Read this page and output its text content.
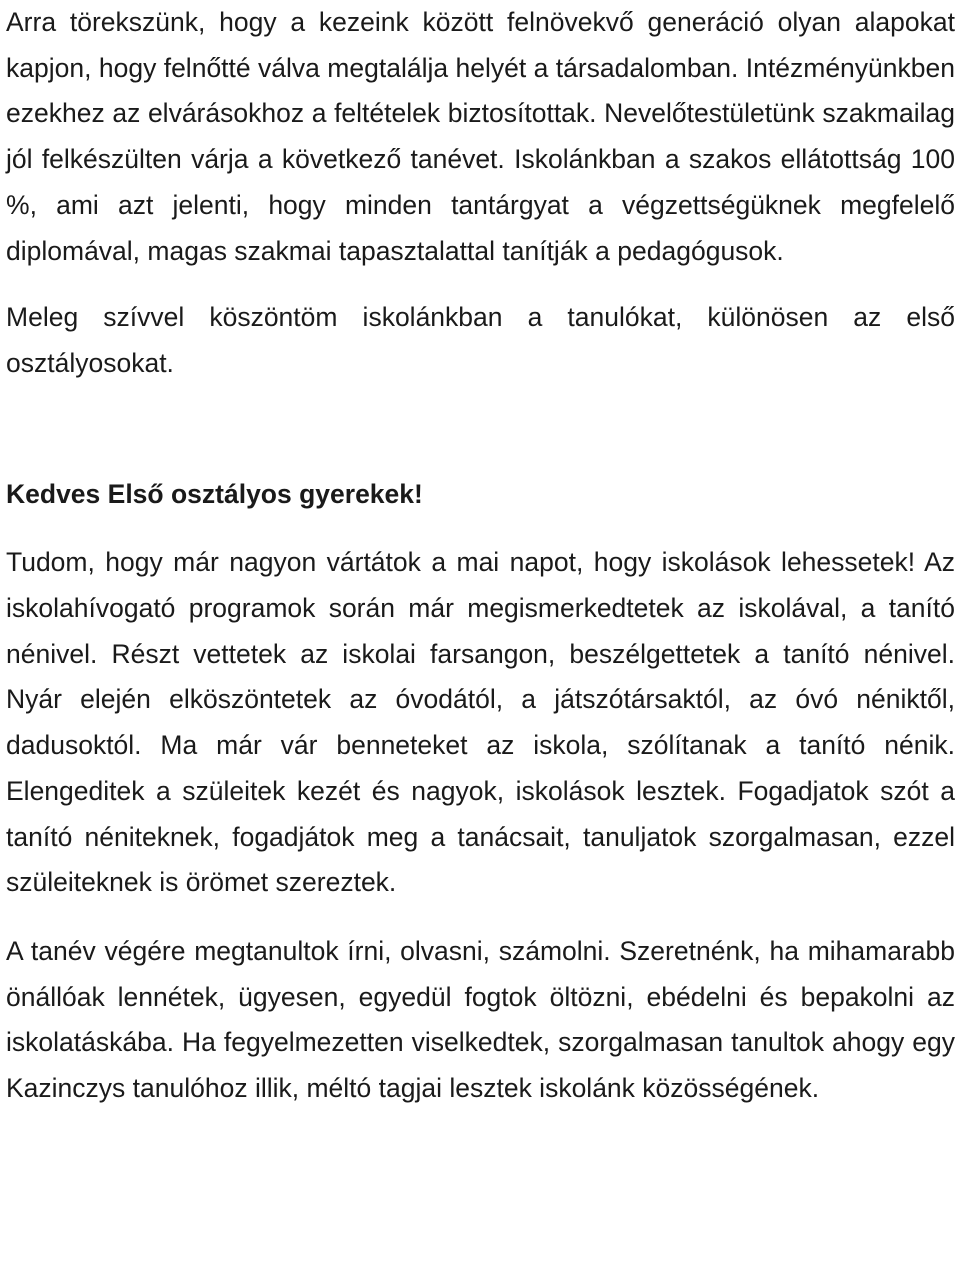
Arra törekszünk, hogy a kezeink között felnövekvő generáció olyan alapokat kapjon, hogy felnőtté válva megtalálja helyét a társadalomban. Intézményünkben ezekhez az elvárásokhoz a feltételek biztosítottak. Nevelőtestületünk szakmailag jól felkészülten várja a következő tanévet. Iskolánkban a szakos ellátottság 100 %, ami azt jelenti, hogy minden tantárgyat a végzettségüknek megfelelő diplomával, magas szakmai tapasztalattal tanítják a pedagógusok.

Meleg szívvel köszöntöm iskolánkban a tanulókat, különösen az első osztályosokat.

Kedves Első osztályos gyerekek!

Tudom, hogy már nagyon vártátok a mai napot, hogy iskolások lehessetek! Az iskolahívogató programok során már megismerkedtetek az iskolával, a tanító nénivel. Részt vettetek az iskolai farsangon, beszélgettetek a tanító nénivel. Nyár elején elköszöntetek az óvodától, a játszótársaktól, az óvó néniktől, dadusoktól. Ma már vár benneteket az iskola, szólítanak a tanító nénik. Elengeditek a szüleitek kezét és nagyok, iskolások lesztek. Fogadjatok szót a tanító néniteknek, fogadjátok meg a tanácsait, tanuljatok szorgalmasan, ezzel szüleiteknek is örömet szereztek.

A tanév végére megtanultok írni, olvasni, számolni. Szeretnénk, ha mihamarabb önállóak lennétek, ügyesen, egyedül fogtok öltözni, ebédelni és bepakolni az iskolatáskába. Ha fegyelmezetten viselkedtek, szorgalmasan tanultok ahogy egy Kazinczys tanulóhoz illik, méltó tagjai lesztek iskolánk közösségének.
